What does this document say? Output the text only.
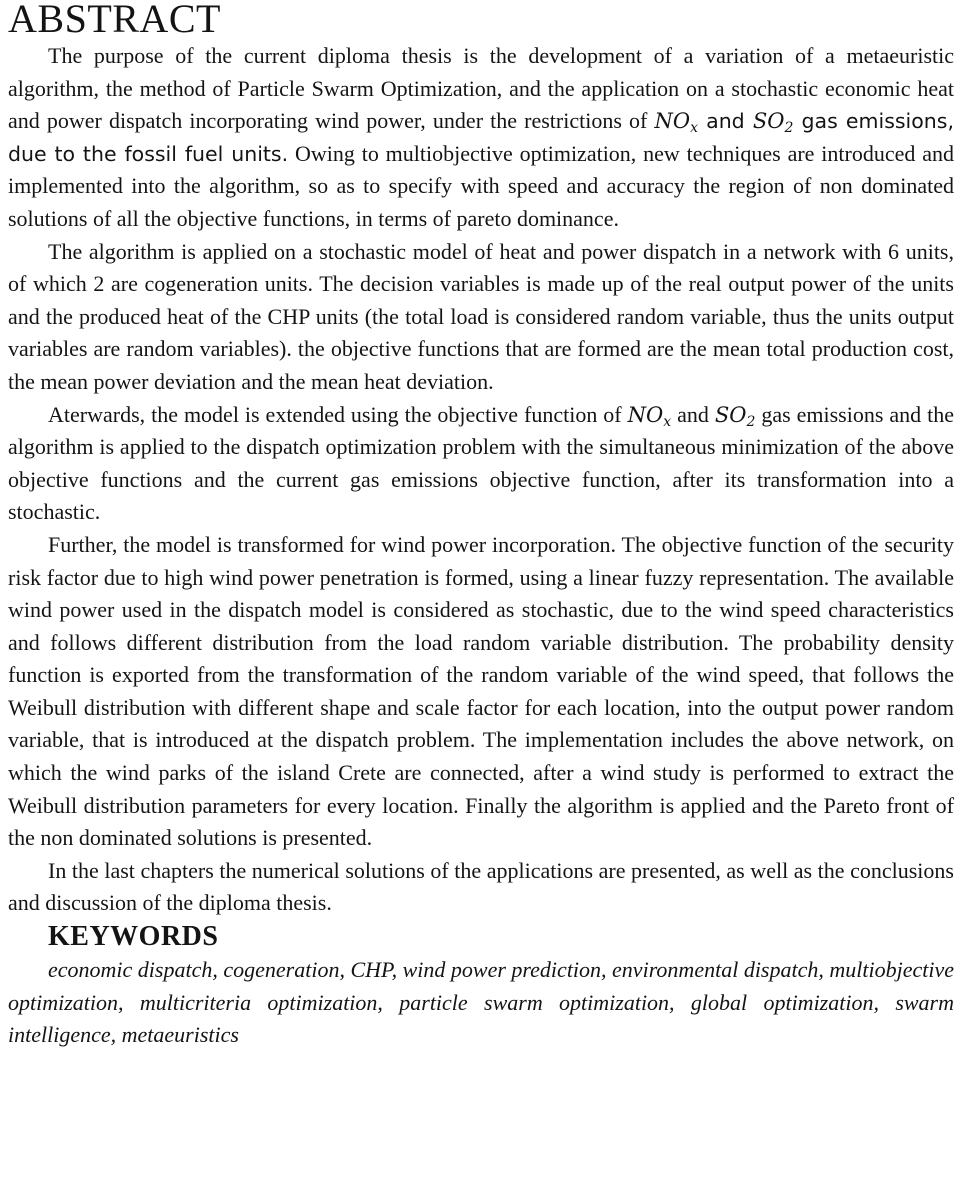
ABSTRACT

The purpose of the current diploma thesis is the development of a variation of a metaeuristic algorithm, the method of Particle Swarm Optimization, and the application on a stochastic economic heat and power dispatch incorporating wind power, under the restrictions of $NO_x$ and $SO_2$ gas emissions, due to the fossil fuel units. Owing to multiobjective optimization, new techniques are introduced and implemented into the algorithm, so as to specify with speed and accuracy the region of non dominated solutions of all the objective functions, in terms of pareto dominance.

The algorithm is applied on a stochastic model of heat and power dispatch in a network with 6 units, of which 2 are cogeneration units. The decision variables is made up of the real output power of the units and the produced heat of the CHP units (the total load is considered random variable, thus the units output variables are random variables). the objective functions that are formed are the mean total production cost, the mean power deviation and the mean heat deviation.

Aterwards, the model is extended using the objective function of $NO_x$ and $SO_2$ gas emissions and the algorithm is applied to the dispatch optimization problem with the simultaneous minimization of the above objective functions and the current gas emissions objective function, after its transformation into a stochastic.

Further, the model is transformed for wind power incorporation. The objective function of the security risk factor due to high wind power penetration is formed, using a linear fuzzy representation. The available wind power used in the dispatch model is considered as stochastic, due to the wind speed characteristics and follows different distribution from the load random variable distribution. The probability density function is exported from the transformation of the random variable of the wind speed, that follows the Weibull distribution with different shape and scale factor for each location, into the output power random variable, that is introduced at the dispatch problem. The implementation includes the above network, on which the wind parks of the island Crete are connected, after a wind study is performed to extract the Weibull distribution parameters for every location. Finally the algorithm is applied and the Pareto front of the non dominated solutions is presented.

In the last chapters the numerical solutions of the applications are presented, as well as the conclusions and discussion of the diploma thesis.

KEYWORDS

economic dispatch, cogeneration, CHP, wind power prediction, environmental dispatch, multiobjective optimization, multicriteria optimization, particle swarm optimization, global optimization, swarm intelligence, metaeuristics
